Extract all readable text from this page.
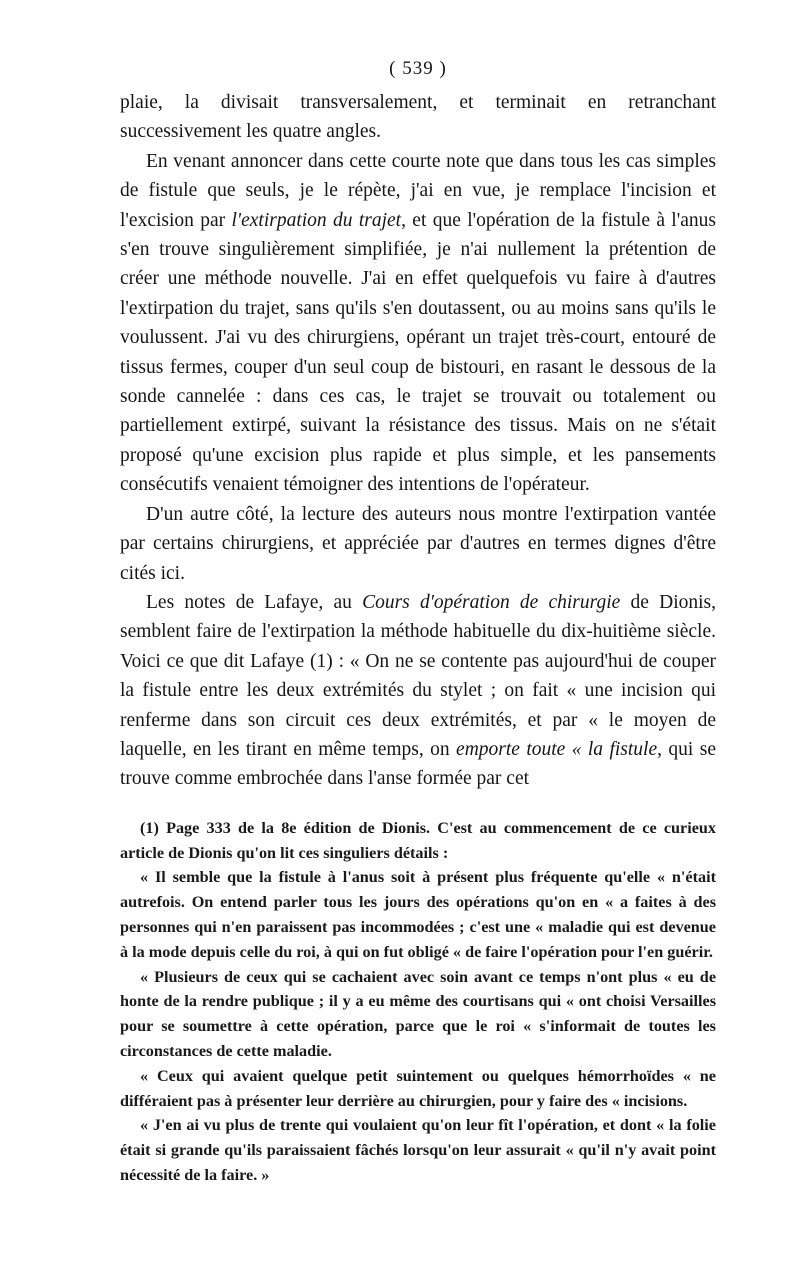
( 539 )

plaie, la divisait transversalement, et terminait en retranchant successivement les quatre angles.

En venant annoncer dans cette courte note que dans tous les cas simples de fistule que seuls, je le répète, j'ai en vue, je remplace l'incision et l'excision par l'extirpation du trajet, et que l'opération de la fistule à l'anus s'en trouve singulièrement simplifiée, je n'ai nullement la prétention de créer une méthode nouvelle. J'ai en effet quelquefois vu faire à d'autres l'extirpation du trajet, sans qu'ils s'en doutassent, ou au moins sans qu'ils le voulussent. J'ai vu des chirurgiens, opérant un trajet très-court, entouré de tissus fermes, couper d'un seul coup de bistouri, en rasant le dessous de la sonde cannelée : dans ces cas, le trajet se trouvait ou totalement ou partiellement extirpé, suivant la résistance des tissus. Mais on ne s'était proposé qu'une excision plus rapide et plus simple, et les pansements consécutifs venaient témoigner des intentions de l'opérateur.

D'un autre côté, la lecture des auteurs nous montre l'extirpation vantée par certains chirurgiens, et appréciée par d'autres en termes dignes d'être cités ici.

Les notes de Lafaye, au Cours d'opération de chirurgie de Dionis, semblent faire de l'extirpation la méthode habituelle du dix-huitième siècle. Voici ce que dit Lafaye (1) : « On ne se contente pas aujourd'hui de couper la fistule entre les deux extrémités du stylet ; on fait « une incision qui renferme dans son circuit ces deux extrémités, et par « le moyen de laquelle, en les tirant en même temps, on emporte toute « la fistule, qui se trouve comme embrochée dans l'anse formée par cet

(1) Page 333 de la 8e édition de Dionis. C'est au commencement de ce curieux article de Dionis qu'on lit ces singuliers détails :

« Il semble que la fistule à l'anus soit à présent plus fréquente qu'elle « n'était autrefois. On entend parler tous les jours des opérations qu'on en « a faites à des personnes qui n'en paraissent pas incommodées ; c'est une « maladie qui est devenue à la mode depuis celle du roi, à qui on fut obligé « de faire l'opération pour l'en guérir.

« Plusieurs de ceux qui se cachaient avec soin avant ce temps n'ont plus « eu de honte de la rendre publique ; il y a eu même des courtisans qui « ont choisi Versailles pour se soumettre à cette opération, parce que le roi « s'informait de toutes les circonstances de cette maladie.

« Ceux qui avaient quelque petit suintement ou quelques hémorrhoïdes « ne différaient pas à présenter leur derrière au chirurgien, pour y faire des « incisions.

« J'en ai vu plus de trente qui voulaient qu'on leur fît l'opération, et dont « la folie était si grande qu'ils paraissaient fâchés lorsqu'on leur assurait « qu'il n'y avait point nécessité de la faire. »
